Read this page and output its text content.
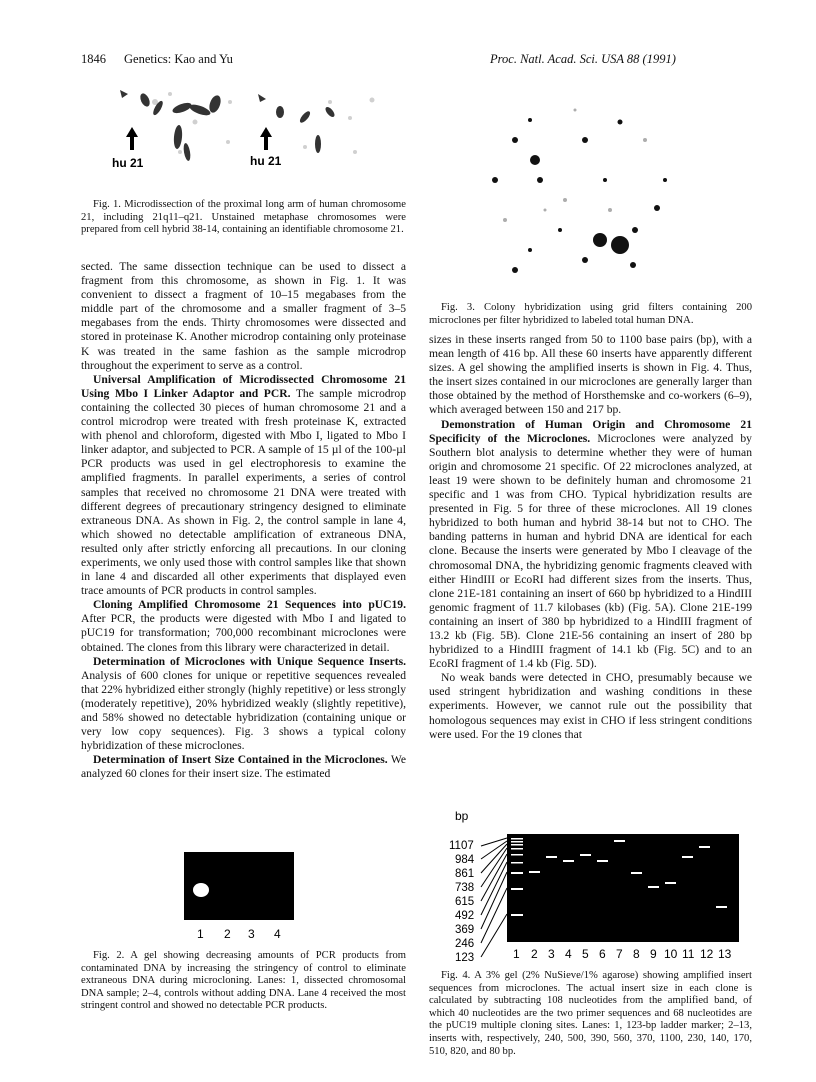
1846 Genetics: Kao and Yu	Proc. Natl. Acad. Sci. USA 88 (1991)
hu 21	hu 21

Fig. 1. Microdissection of the proximal long arm of human chromosome 21, including 21q11–q21. Unstained metaphase chromosomes were prepared from cell hybrid 38-14, containing an identifiable chromosome 21.

sected. The same dissection technique can be used to dissect a fragment from this chromosome, as shown in Fig. 1. It was convenient to dissect a fragment of 10–15 megabases from the middle part of the chromosome and a smaller fragment of 3–5 megabases from the ends. Thirty chromosomes were dissected and stored in proteinase K. Another microdrop containing only proteinase K was treated in the same fashion as the sample microdrop throughout the experiment to serve as a control.

Universal Amplification of Microdissected Chromosome 21 Using Mbo I Linker Adaptor and PCR. The sample microdrop containing the collected 30 pieces of human chromosome 21 and a control microdrop were treated with fresh proteinase K, extracted with phenol and chloroform, digested with Mbo I, ligated to Mbo I linker adaptor, and subjected to PCR. A sample of 15 µl of the 100-µl PCR products was used in gel electrophoresis to examine the amplified fragments. In parallel experiments, a series of control samples that received no chromosome 21 DNA were treated with different degrees of precautionary stringency designed to eliminate extraneous DNA. As shown in Fig. 2, the control sample in lane 4, which showed no detectable amplification of extraneous DNA, resulted only after strictly enforcing all precautions. In our cloning experiments, we only used those with control samples like that shown in lane 4 and discarded all other experiments that displayed even trace amounts of PCR products in control samples.

Cloning Amplified Chromosome 21 Sequences into pUC19. After PCR, the products were digested with Mbo I and ligated to pUC19 for transformation; 700,000 recombinant microclones were obtained. The clones from this library were characterized in detail.

Determination of Microclones with Unique Sequence Inserts. Analysis of 600 clones for unique or repetitive sequences revealed that 22% hybridized either strongly (highly repetitive) or less strongly (moderately repetitive), 20% hybridized weakly (slightly repetitive), and 58% showed no detectable hybridization (containing unique or very low copy sequences). Fig. 3 shows a typical colony hybridization of these microclones.

Determination of Insert Size Contained in the Microclones. We analyzed 60 clones for their insert size. The estimated

1 2 3 4

Fig. 2. A gel showing decreasing amounts of PCR products from contaminated DNA by increasing the stringency of control to eliminate extraneous DNA during microcloning. Lanes: 1, dissected chromosomal DNA sample; 2–4, controls without adding DNA. Lane 4 received the most stringent control and showed no detectable PCR products.

Fig. 3. Colony hybridization using grid filters containing 200 microclones per filter hybridized to labeled total human DNA.

sizes in these inserts ranged from 50 to 1100 base pairs (bp), with a mean length of 416 bp. All these 60 inserts have apparently different sizes. A gel showing the amplified inserts is shown in Fig. 4. Thus, the insert sizes contained in our microclones are generally larger than those obtained by the method of Horsthemske and co-workers (6–9), which averaged between 150 and 217 bp.

Demonstration of Human Origin and Chromosome 21 Specificity of the Microclones. Microclones were analyzed by Southern blot analysis to determine whether they were of human origin and chromosome 21 specific. Of 22 microclones analyzed, at least 19 were shown to be definitely human and chromosome 21 specific and 1 was from CHO. Typical hybridization results are presented in Fig. 5 for three of these microclones. All 19 clones hybridized to both human and hybrid 38-14 but not to CHO. The banding patterns in human and hybrid DNA are identical for each clone. Because the inserts were generated by Mbo I cleavage of the chromosomal DNA, the hybridizing genomic fragments cleaved with either HindIII or EcoRI had different sizes from the inserts. Thus, clone 21E-181 containing an insert of 660 bp hybridized to a HindIII genomic fragment of 11.7 kilobases (kb) (Fig. 5A). Clone 21E-199 containing an insert of 380 bp hybridized to a HindIII fragment of 13.2 kb (Fig. 5B). Clone 21E-56 containing an insert of 280 bp hybridized to a HindIII fragment of 14.1 kb (Fig. 5C) and to an EcoRI fragment of 1.4 kb (Fig. 5D).

No weak bands were detected in CHO, presumably because we used stringent hybridization and washing conditions in these experiments. However, we cannot rule out the possibility that homologous sequences may exist in CHO if less stringent conditions were used. For the 19 clones that

bp
1107
984
861
738
615
492
369
246
123	1 2 3 4 5 6 7 8 9 10 11 12 13

Fig. 4. A 3% gel (2% NuSieve/1% agarose) showing amplified insert sequences from microclones. The actual insert size in each clone is calculated by subtracting 108 nucleotides from the amplified band, of which 40 nucleotides are the two primer sequences and 68 nucleotides are the pUC19 multiple cloning sites. Lanes: 1, 123-bp ladder marker; 2–13, inserts with, respectively, 240, 500, 390, 560, 370, 1100, 230, 140, 170, 510, 820, and 80 bp.
